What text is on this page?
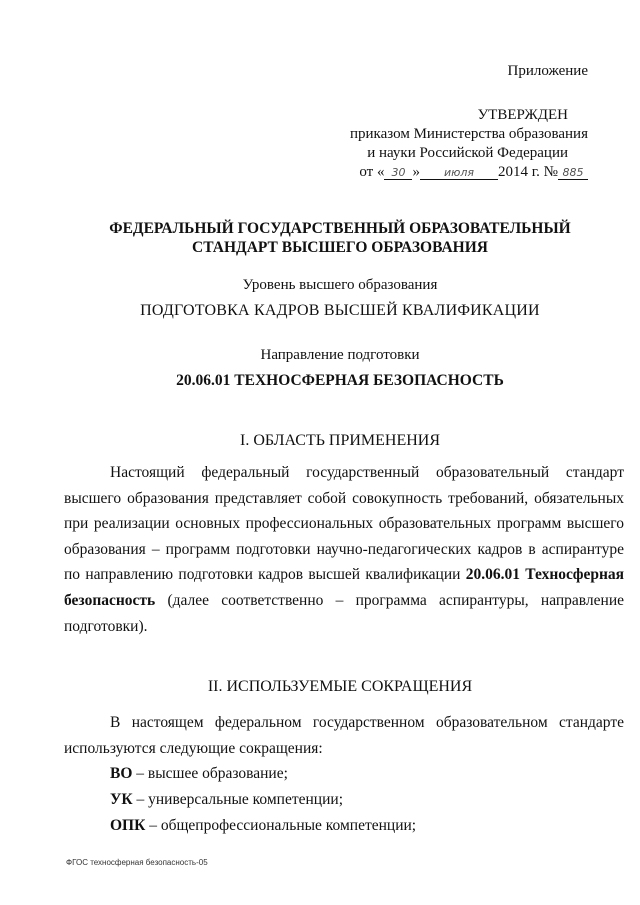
Приложение
УТВЕРЖДЕН
приказом Министерства образования
и науки Российской Федерации
от « 30 » июля 2014 г. № 885
ФЕДЕРАЛЬНЫЙ ГОСУДАРСТВЕННЫЙ ОБРАЗОВАТЕЛЬНЫЙ
СТАНДАРТ ВЫСШЕГО ОБРАЗОВАНИЯ
Уровень высшего образования
ПОДГОТОВКА КАДРОВ ВЫСШЕЙ КВАЛИФИКАЦИИ
Направление подготовки
20.06.01 ТЕХНОСФЕРНАЯ БЕЗОПАСНОСТЬ
I. ОБЛАСТЬ ПРИМЕНЕНИЯ
Настоящий федеральный государственный образовательный стандарт высшего образования представляет собой совокупность требований, обязательных при реализации основных профессиональных образовательных программ высшего образования – программ подготовки научно-педагогических кадров в аспирантуре по направлению подготовки кадров высшей квалификации 20.06.01 Техносферная безопасность (далее соответственно – программа аспирантуры, направление подготовки).
II. ИСПОЛЬЗУЕМЫЕ СОКРАЩЕНИЯ
В настоящем федеральном государственном образовательном стандарте используются следующие сокращения:
ВО – высшее образование;
УК – универсальные компетенции;
ОПК – общепрофессиональные компетенции;
ФГОС техносферная безопасность-05
